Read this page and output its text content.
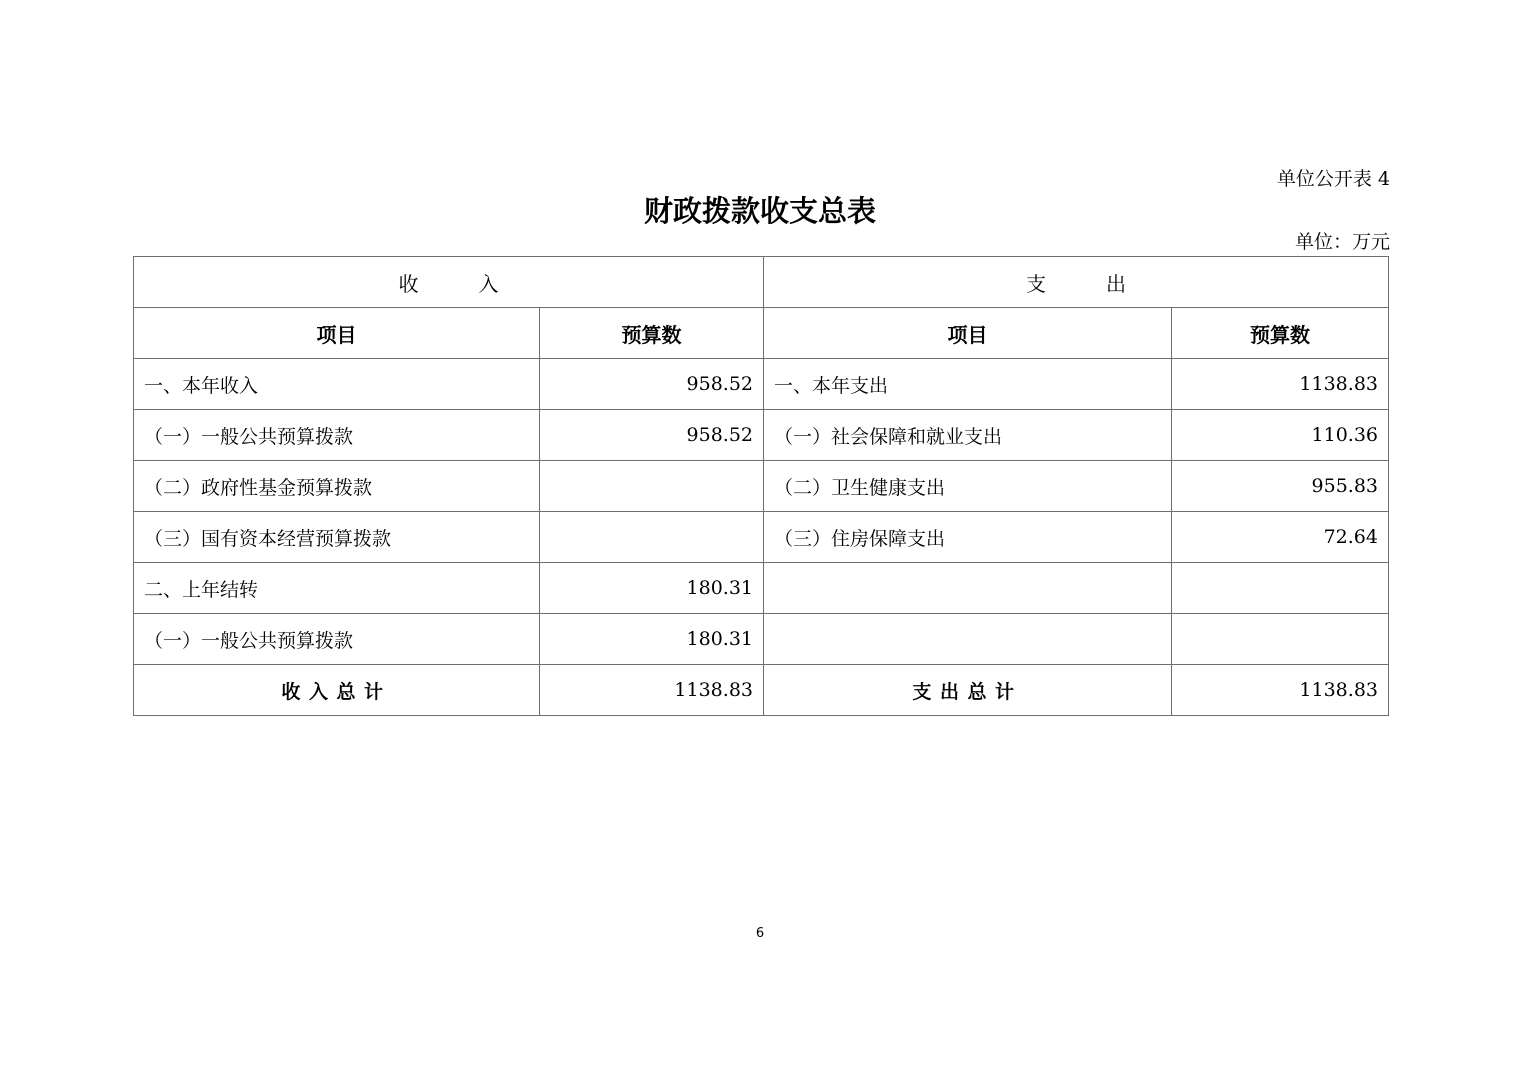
单位公开表 4
财政拨款收支总表
单位：万元
收　　　入		支　　　出	
项目	预算数	项目	预算数
一、本年收入	958.52	一、本年支出	1138.83
（一）一般公共预算拨款	958.52	（一）社会保障和就业支出	110.36
（二）政府性基金预算拨款		（二）卫生健康支出	955.83
（三）国有资本经营预算拨款		（三）住房保障支出	72.64
二、上年结转	180.31		
（一）一般公共预算拨款	180.31		
收入总计	1138.83	支出总计	1138.83
6
